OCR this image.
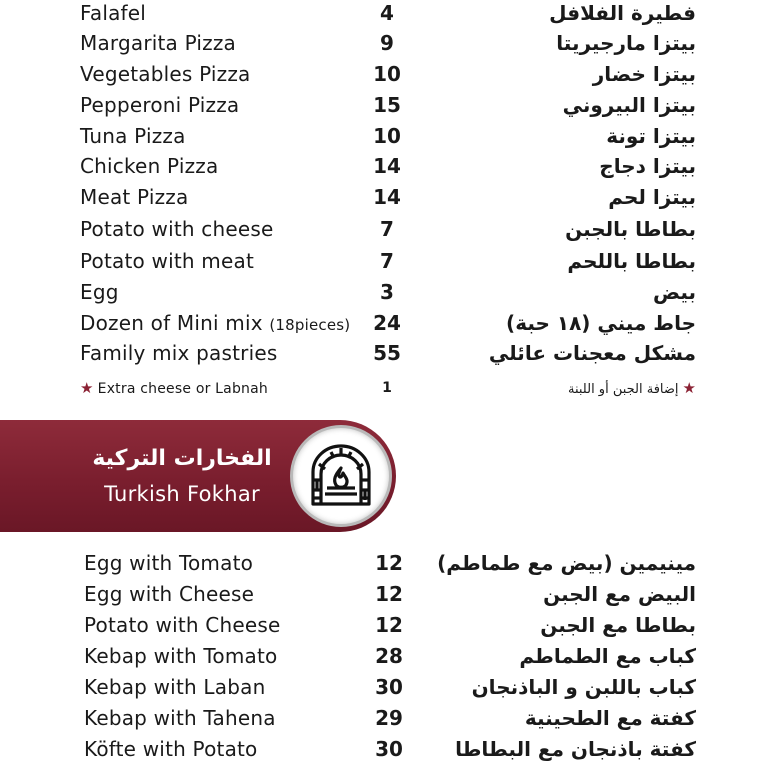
Falafel	4	فطيرة الفلافل
Margarita Pizza	9	بيتزا مارجيريتا
Vegetables Pizza	10	بيتزا خضار
Pepperoni Pizza	15	بيتزا البيروني
Tuna Pizza	10	بيتزا تونة
Chicken Pizza	14	بيتزا دجاج
Meat Pizza	14	بيتزا لحم
Potato with cheese	7	بطاطا بالجبن
Potato with meat	7	بطاطا باللحم
Egg	3	بيض
Dozen of Mini mix (18pieces)	24	جاط ميني (١٨ حبة)
Family mix pastries	55	مشكل معجنات عائلي
★ Extra cheese or Labnah	1	★إضافة الجبن أو اللبنة
الفخارات التركية
Turkish Fokhar
Egg with Tomato	12	مينيمين (بيض مع طماطم)
Egg with Cheese	12	البيض مع الجبن
Potato with Cheese	12	بطاطا مع الجبن
Kebap with Tomato	28	كباب مع الطماطم
Kebap with Laban	30	كباب باللبن و الباذنجان
Kebap with Tahena	29	كفتة مع الطحينية
Köfte with Potato	30	كفتة باذنجان مع البطاطا
